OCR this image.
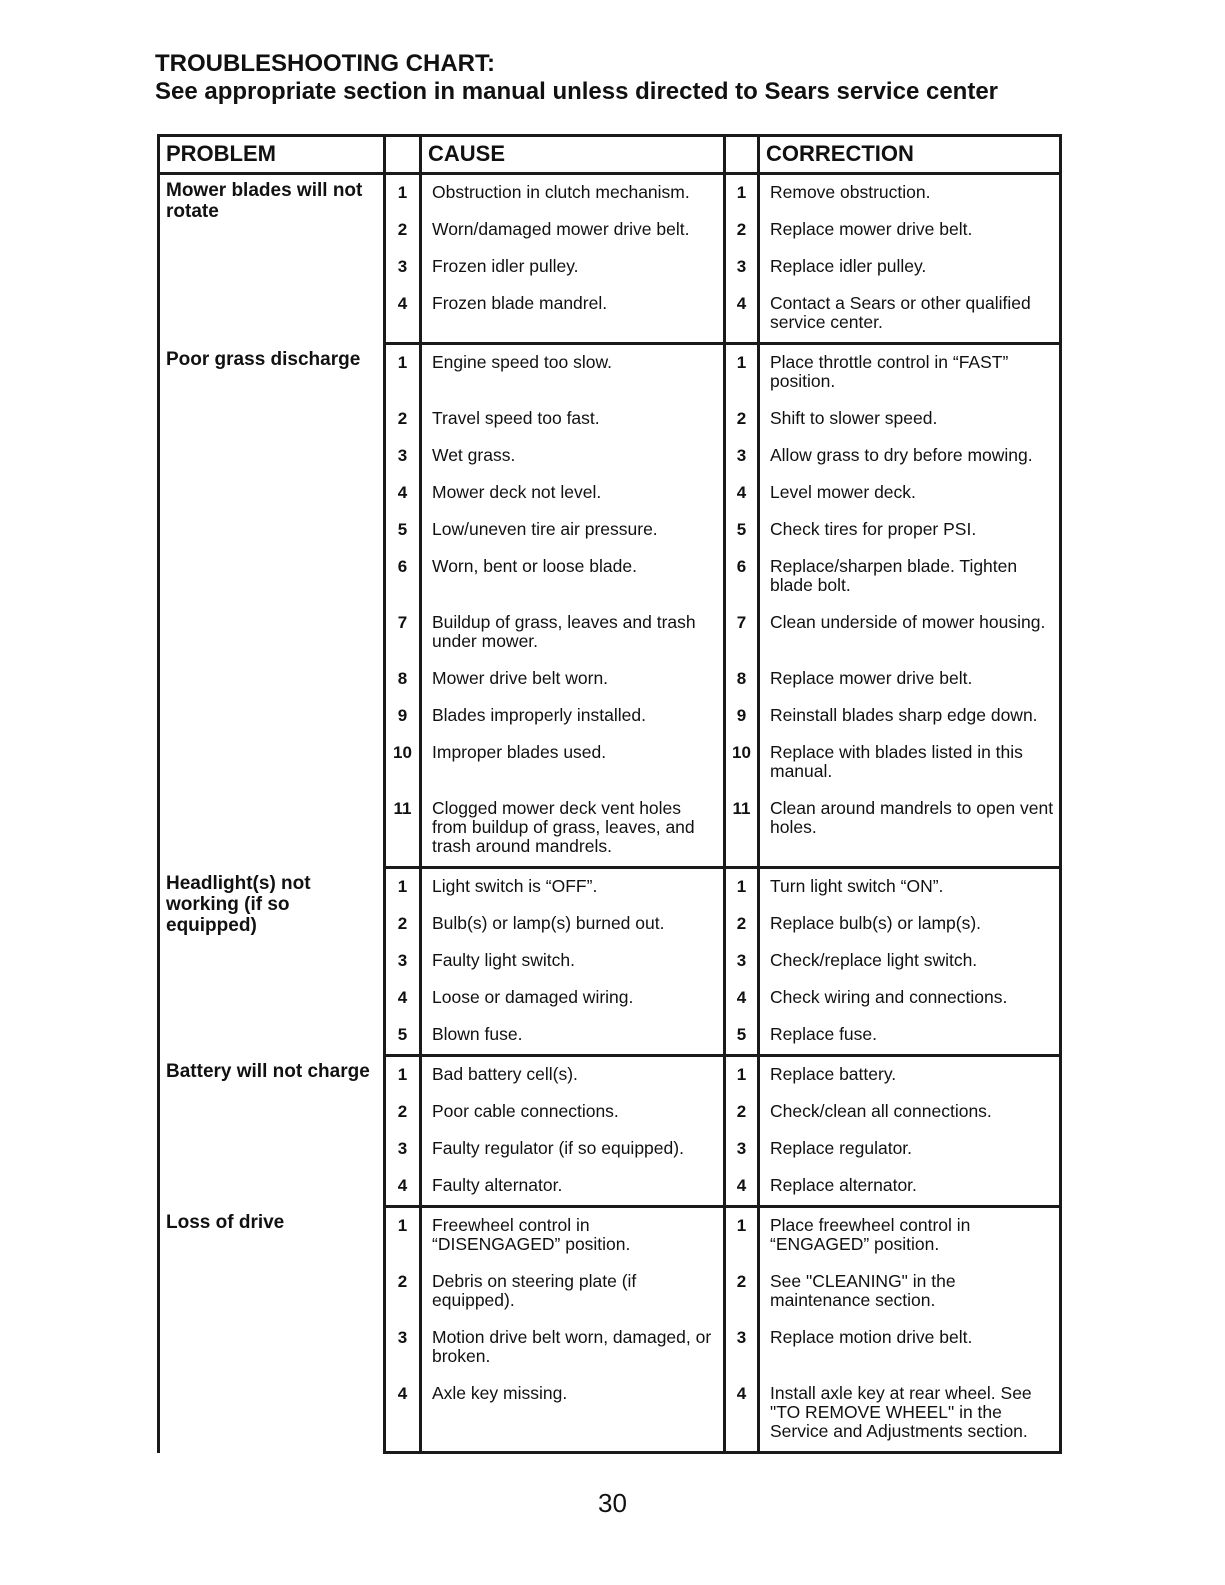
TROUBLESHOOTING CHART:
See appropriate section in manual unless directed to Sears service center
PROBLEM		CAUSE		CORRECTION
Mower blades will not rotate	1	Obstruction in clutch mechanism.	1	Remove obstruction.
	2	Worn/damaged mower drive belt.	2	Replace mower drive belt.
	3	Frozen idler pulley.	3	Replace idler pulley.
	4	Frozen blade mandrel.	4	Contact a Sears or other qualified service center.
Poor grass discharge	1	Engine speed too slow.	1	Place throttle control in “FAST” position.
	2	Travel speed too fast.	2	Shift to slower speed.
	3	Wet grass.	3	Allow grass to dry before mowing.
	4	Mower deck not level.	4	Level mower deck.
	5	Low/uneven tire air pressure.	5	Check tires for proper PSI.
	6	Worn, bent or loose blade.	6	Replace/sharpen blade. Tighten blade bolt.
	7	Buildup of grass, leaves and trash under mower.	7	Clean underside of mower housing.
	8	Mower drive belt worn.	8	Replace mower drive belt.
	9	Blades improperly installed.	9	Reinstall blades sharp edge down.
	10	Improper blades used.	10	Replace with blades listed in this manual.
	11	Clogged mower deck vent holes from buildup of grass, leaves, and trash around mandrels.	11	Clean around mandrels to open vent holes.
Headlight(s) not working (if so equipped)	1	Light switch is “OFF”.	1	Turn light switch “ON”.
	2	Bulb(s) or lamp(s) burned out.	2	Replace bulb(s) or lamp(s).
	3	Faulty light switch.	3	Check/replace light switch.
	4	Loose or damaged wiring.	4	Check wiring and connections.
	5	Blown fuse.	5	Replace fuse.
Battery will not charge	1	Bad battery cell(s).	1	Replace battery.
	2	Poor cable connections.	2	Check/clean all connections.
	3	Faulty regulator (if so equipped).	3	Replace regulator.
	4	Faulty alternator.	4	Replace alternator.
Loss of drive	1	Freewheel control in “DISENGAGED” position.	1	Place freewheel control in “ENGAGED” position.
	2	Debris on steering plate (if equipped).	2	See "CLEANING" in the maintenance section.
	3	Motion drive belt worn, damaged, or broken.	3	Replace motion drive belt.
	4	Axle key missing.	4	Install axle key at rear wheel. See "TO REMOVE WHEEL" in the Service and Adjustments section.
30
